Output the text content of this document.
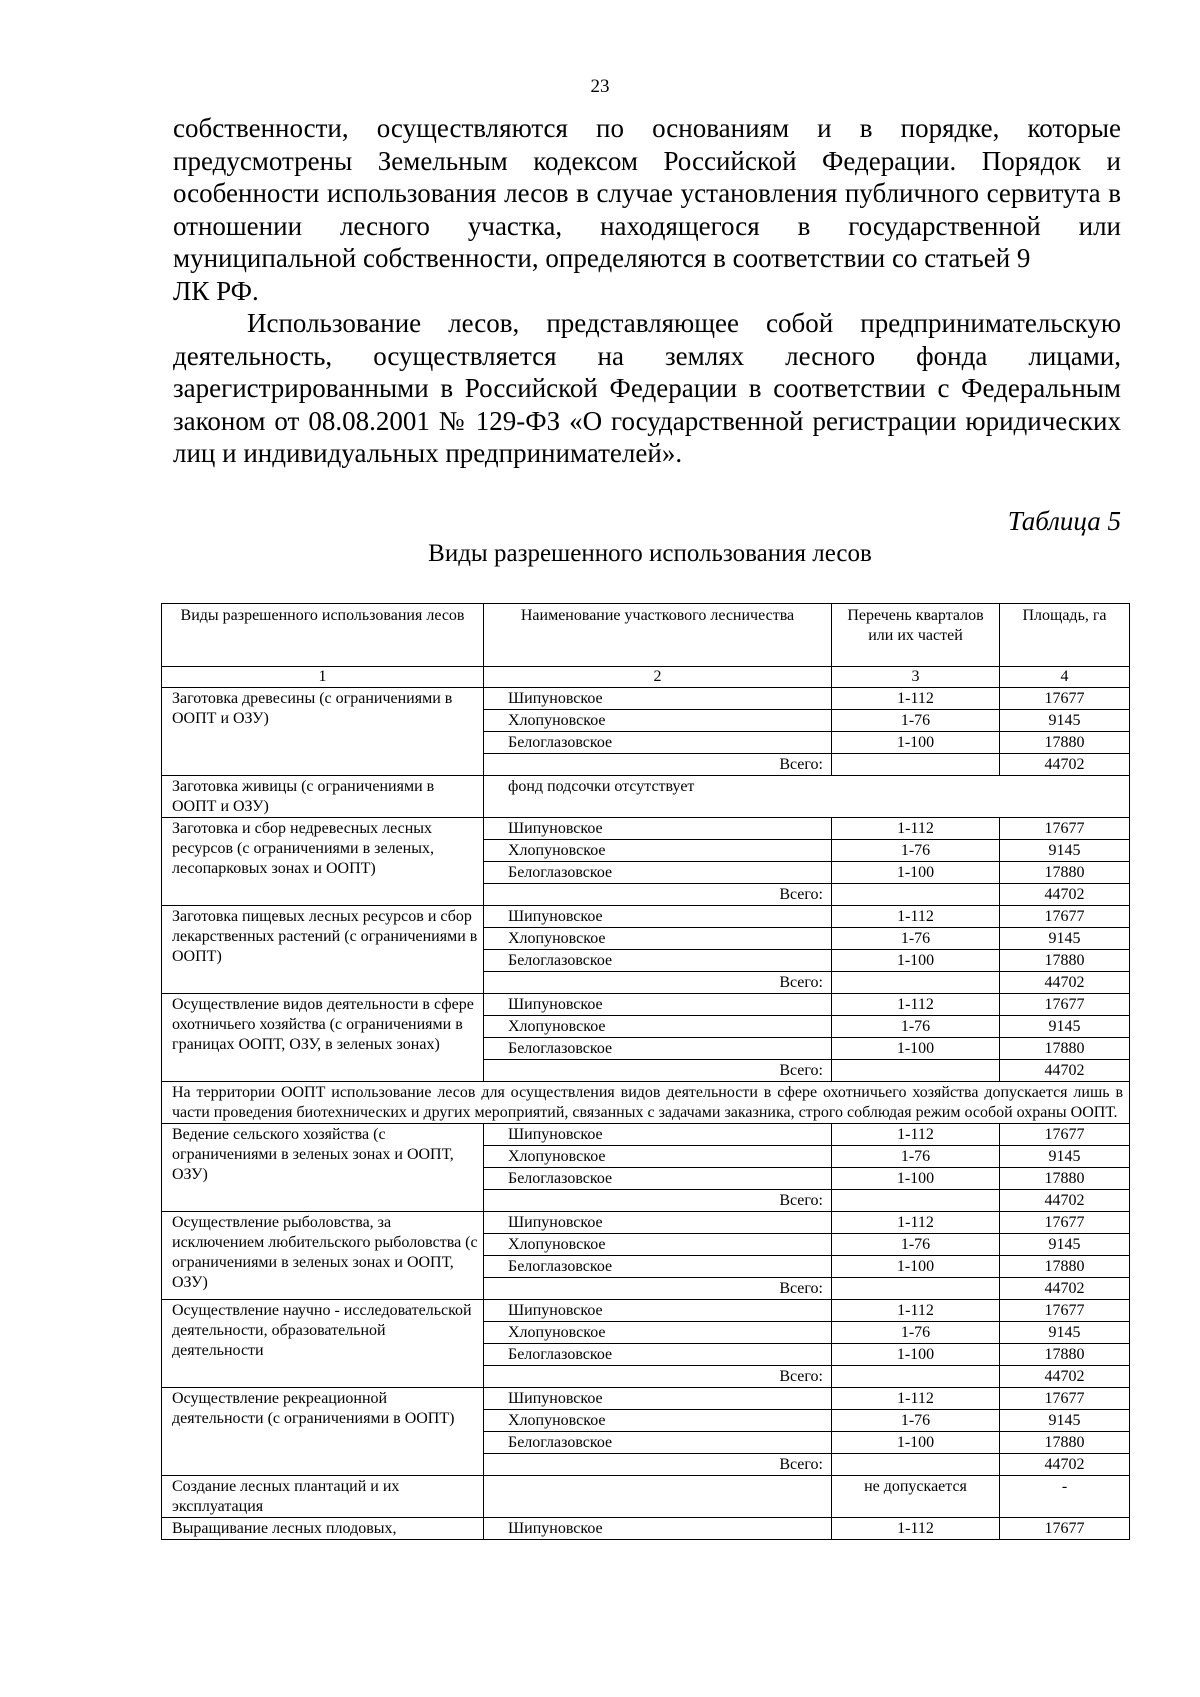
23

собственности, осуществляются по основаниям и в порядке, которые предусмотрены Земельным кодексом Российской Федерации. Порядок и особенности использования лесов в случае установления публичного сервитута в отношении лесного участка, находящегося в государственной или муниципальной собственности, определяются в соответствии со статьей 9

ЛК РФ.

Использование лесов, представляющее собой предпринимательскую деятельность, осуществляется на землях лесного фонда лицами, зарегистрированными в Российской Федерации в соответствии с Федеральным законом от 08.08.2001 № 129-ФЗ «О государственной регистрации юридических лиц и индивидуальных предпринимателей».

Таблица 5
Виды разрешенного использования лесов
Виды разрешенного использования лесов	Наименование участкового лесничества	Перечень кварталов или их частей	Площадь, га
1	2	3	4
Заготовка древесины (с ограничениями в ООПТ и ОЗУ)	Шипуновское	1-112	17677
	Хлопуновское	1-76	9145
	Белоглазовское	1-100	17880
	Всего:		44702
Заготовка живицы (с ограничениями в ООПТ и ОЗУ)	фонд подсочки отсутствует		
Заготовка и сбор недревесных лесных ресурсов (с ограничениями в зеленых, лесопарковых зонах и ООПТ)	Шипуновское	1-112	17677
	Хлопуновское	1-76	9145
	Белоглазовское	1-100	17880
	Всего:		44702
Заготовка пищевых лесных ресурсов и сбор лекарственных растений (с ограничениями в ООПТ)	Шипуновское	1-112	17677
	Хлопуновское	1-76	9145
	Белоглазовское	1-100	17880
	Всего:		44702
Осуществление видов деятельности в сфере охотничьего хозяйства (с ограничениями в границах ООПТ, ОЗУ, в зеленых зонах)	Шипуновское	1-112	17677
	Хлопуновское	1-76	9145
	Белоглазовское	1-100	17880
	Всего:		44702
На территории ООПТ использование лесов для осуществления видов деятельности в сфере охотничьего хозяйства допускается лишь в части проведения биотехнических и других мероприятий, связанных с задачами заказника, строго соблюдая режим особой охраны ООПТ.			
Ведение сельского хозяйства (с ограничениями в зеленых зонах и ООПТ, ОЗУ)	Шипуновское	1-112	17677
	Хлопуновское	1-76	9145
	Белоглазовское	1-100	17880
	Всего:		44702
Осуществление рыболовства, за исключением любительского рыболовства (с ограничениями в зеленых зонах и ООПТ, ОЗУ)	Шипуновское	1-112	17677
	Хлопуновское	1-76	9145
	Белоглазовское	1-100	17880
	Всего:		44702
Осуществление научно - исследовательской деятельности, образовательной деятельности	Шипуновское	1-112	17677
	Хлопуновское	1-76	9145
	Белоглазовское	1-100	17880
	Всего:		44702
Осуществление рекреационной деятельности (с ограничениями в ООПТ)	Шипуновское	1-112	17677
	Хлопуновское	1-76	9145
	Белоглазовское	1-100	17880
	Всего:		44702
Создание лесных плантаций и их эксплуатация		не допускается	-
Выращивание лесных плодовых,	Шипуновское	1-112	17677
